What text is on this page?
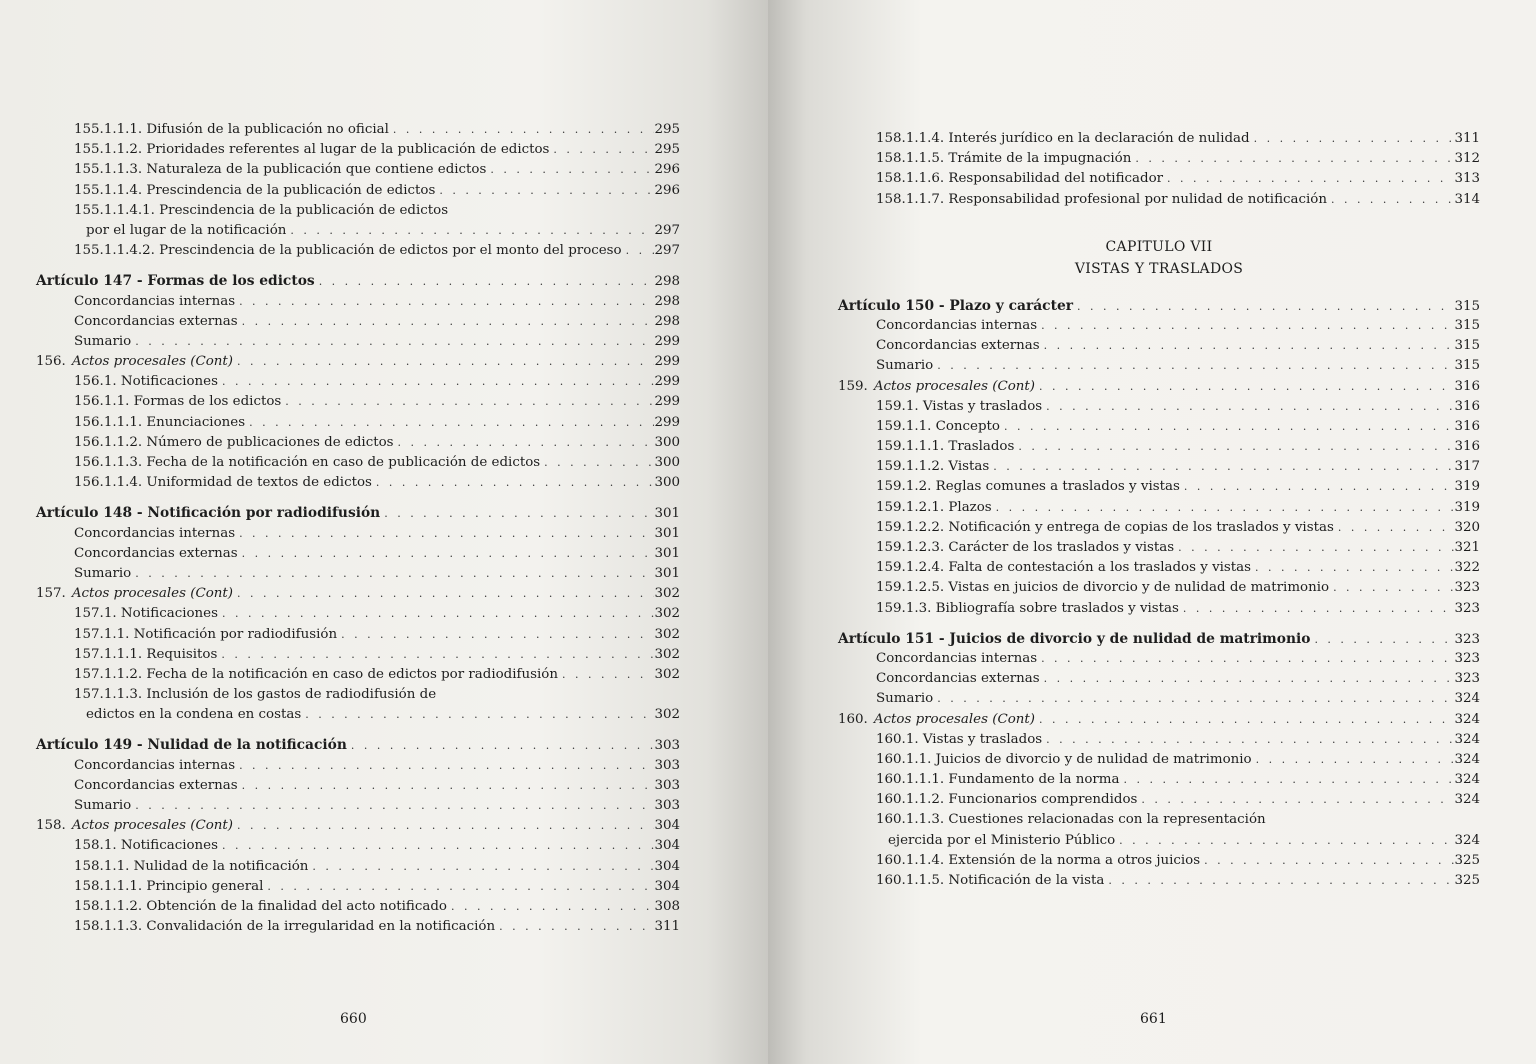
155.1.1.1. Difusión de la publicación no oficial . . .	295
155.1.1.2. Prioridades referentes al lugar de la publicación de edictos . . .	295
155.1.1.3. Naturaleza de la publicación que contiene edictos . . .	296
155.1.1.4. Prescindencia de la publicación de edictos . . .	296
155.1.1.4.1. Prescindencia de la publicación de edictos
por el lugar de la notificación . . .	297
155.1.1.4.2. Prescindencia de la publicación de edictos por el monto del proceso . . . 297
Artículo 147 - Formas de los edictos . . .	298
Concordancias internas . . .	298
Concordancias externas . . .	298
Sumario . . .	299
156. Actos procesales (Cont) . . .	299
156.1. Notificaciones . . .	299
156.1.1. Formas de los edictos . . .	299
156.1.1.1. Enunciaciones . . .	299
156.1.1.2. Número de publicaciones de edictos . . .	300
156.1.1.3. Fecha de la notificación en caso de publicación de edictos . . .	300
156.1.1.4. Uniformidad de textos de edictos . . .	300
Artículo 148 - Notificación por radiodifusión . . .	301
Concordancias internas . . .	301
Concordancias externas . . .	301
Sumario . . .	301
157. Actos procesales (Cont) . . .	302
157.1. Notificaciones . . .	302
157.1.1. Notificación por radiodifusión . . .	302
157.1.1.1. Requisitos . . .	302
157.1.1.2. Fecha de la notificación en caso de edictos por radiodifusión . . .	302
157.1.1.3. Inclusión de los gastos de radiodifusión de
edictos en la condena en costas . . .	302
Artículo 149 - Nulidad de la notificación . . .	303
Concordancias internas . . .	303
Concordancias externas . . .	303
Sumario . . .	303
158. Actos procesales (Cont) . . .	304
158.1. Notificaciones . . .	304
158.1.1. Nulidad de la notificación . . .	304
158.1.1.1. Principio general . . .	304
158.1.1.2. Obtención de la finalidad del acto notificado . . .	308
158.1.1.3. Convalidación de la irregularidad en la notificación . . .	311
660
158.1.1.4. Interés jurídico en la declaración de nulidad . . .	311
158.1.1.5. Trámite de la impugnación . . .	312
158.1.1.6. Responsabilidad del notificador . . .	313
158.1.1.7. Responsabilidad profesional por nulidad de notificación . . .	314
CAPITULO VII
VISTAS Y TRASLADOS
Artículo 150 - Plazo y carácter . . .	315
Concordancias internas . . .	315
Concordancias externas . . .	315
Sumario . . .	315
159. Actos procesales (Cont) . . .	316
159.1. Vistas y traslados . . .	316
159.1.1. Concepto . . .	316
159.1.1.1. Traslados . . .	316
159.1.1.2. Vistas . . .	317
159.1.2. Reglas comunes a traslados y vistas . . .	319
159.1.2.1. Plazos . . .	319
159.1.2.2. Notificación y entrega de copias de los traslados y vistas . . .	320
159.1.2.3. Carácter de los traslados y vistas . . .	321
159.1.2.4. Falta de contestación a los traslados y vistas . . .	322
159.1.2.5. Vistas en juicios de divorcio y de nulidad de matrimonio . . .	323
159.1.3. Bibliografía sobre traslados y vistas . . .	323
Artículo 151 - Juicios de divorcio y de nulidad de matrimonio . . .	323
Concordancias internas . . .	323
Concordancias externas . . .	323
Sumario . . .	324
160. Actos procesales (Cont) . . .	324
160.1. Vistas y traslados . . .	324
160.1.1. Juicios de divorcio y de nulidad de matrimonio . . .	324
160.1.1.1. Fundamento de la norma . . .	324
160.1.1.2. Funcionarios comprendidos . . .	324
160.1.1.3. Cuestiones relacionadas con la representación
ejercida por el Ministerio Público . . .	324
160.1.1.4. Extensión de la norma a otros juicios . . .	325
160.1.1.5. Notificación de la vista . . .	325
661
